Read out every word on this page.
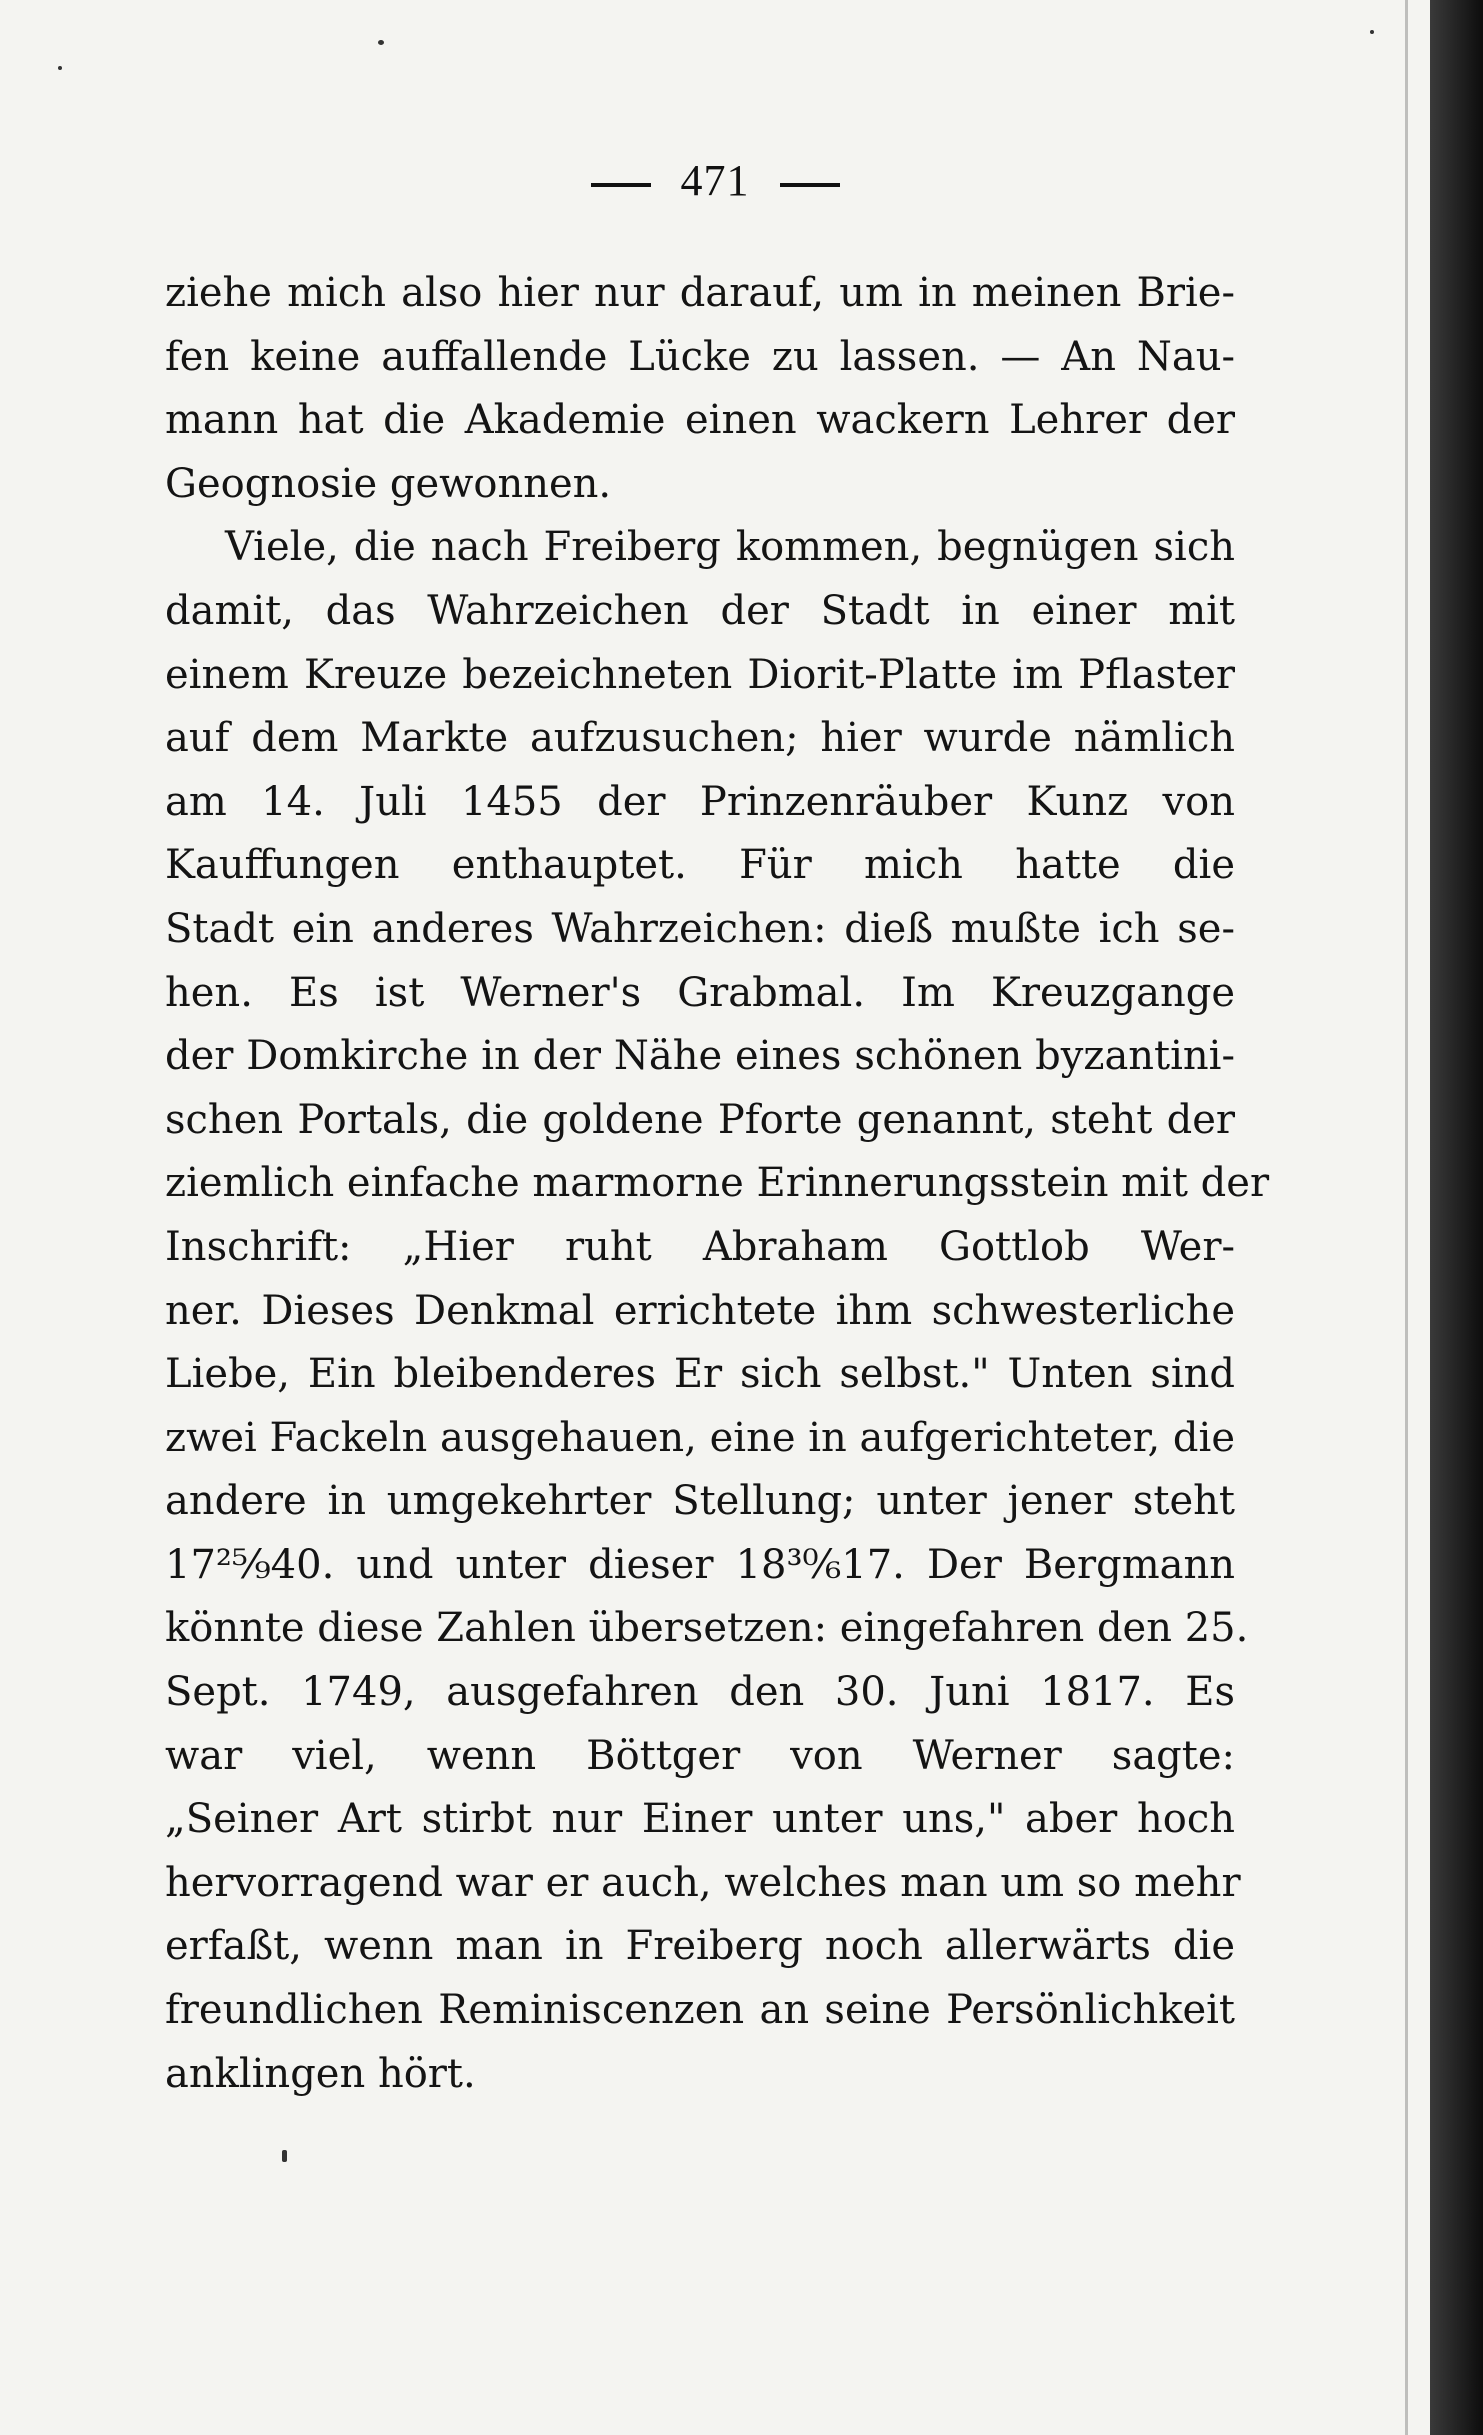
471
ziehe mich also hier nur darauf, um in meinen Brie-
fen keine auffallende Lücke zu lassen. — An Nau-
mann hat die Akademie einen wackern Lehrer der
Geognosie gewonnen.
Viele, die nach Freiberg kommen, begnügen sich
damit, das Wahrzeichen der Stadt in einer mit
einem Kreuze bezeichneten Diorit-Platte im Pflaster
auf dem Markte aufzusuchen; hier wurde nämlich
am 14. Juli 1455 der Prinzenräuber Kunz von
Kauffungen enthauptet. Für mich hatte die
Stadt ein anderes Wahrzeichen: dieß mußte ich se-
hen. Es ist Werner's Grabmal. Im Kreuzgange
der Domkirche in der Nähe eines schönen byzantini-
schen Portals, die goldene Pforte genannt, steht der
ziemlich einfache marmorne Erinnerungsstein mit der
Inschrift: „Hier ruht Abraham Gottlob Wer-
ner. Dieses Denkmal errichtete ihm schwesterliche
Liebe, Ein bleibenderes Er sich selbst." Unten sind
zwei Fackeln ausgehauen, eine in aufgerichteter, die
andere in umgekehrter Stellung; unter jener steht
17²⁵⁄₉40. und unter dieser 18³⁰⁄₆17. Der Bergmann
könnte diese Zahlen übersetzen: eingefahren den 25.
Sept. 1749, ausgefahren den 30. Juni 1817. Es
war viel, wenn Böttger von Werner sagte:
„Seiner Art stirbt nur Einer unter uns," aber hoch
hervorragend war er auch, welches man um so mehr
erfaßt, wenn man in Freiberg noch allerwärts die
freundlichen Reminiscenzen an seine Persönlichkeit
anklingen hört.
